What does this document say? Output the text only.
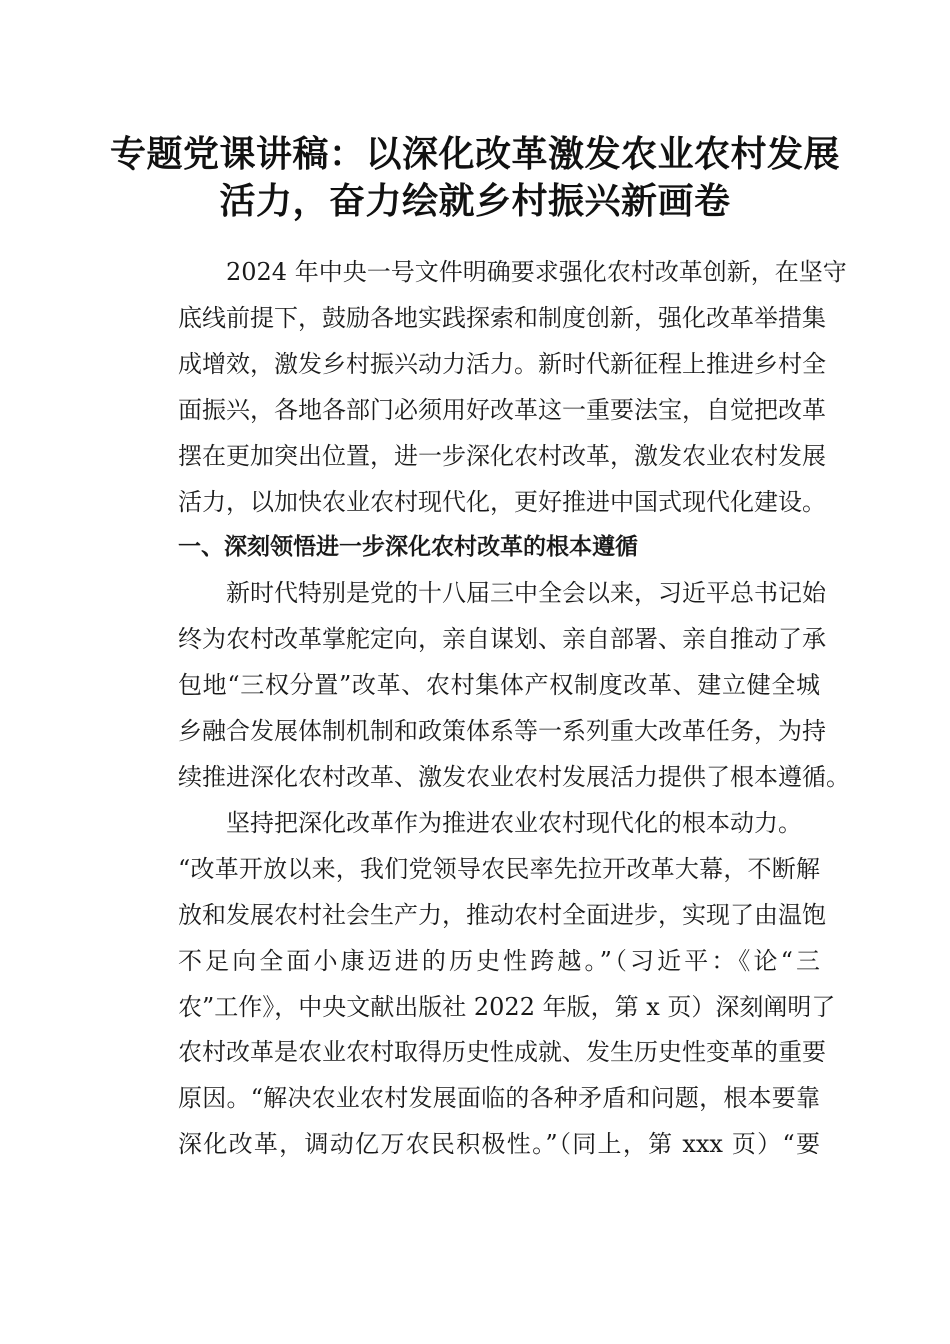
专题党课讲稿：以深化改革激发农业农村发展
活力，奋力绘就乡村振兴新画卷
2024 年中央一号文件明确要求强化农村改革创新，在坚守
底线前提下，鼓励各地实践探索和制度创新，强化改革举措集
成增效，激发乡村振兴动力活力。新时代新征程上推进乡村全
面振兴，各地各部门必须用好改革这一重要法宝，自觉把改革
摆在更加突出位置，进一步深化农村改革，激发农业农村发展
活力，以加快农业农村现代化，更好推进中国式现代化建设。
一、深刻领悟进一步深化农村改革的根本遵循
新时代特别是党的十八届三中全会以来，习近平总书记始
终为农村改革掌舵定向，亲自谋划、亲自部署、亲自推动了承
包地“三权分置”改革、农村集体产权制度改革、建立健全城
乡融合发展体制机制和政策体系等一系列重大改革任务，为持
续推进深化农村改革、激发农业农村发展活力提供了根本遵循。
坚持把深化改革作为推进农业农村现代化的根本动力。
“改革开放以来，我们党领导农民率先拉开改革大幕，不断解
放和发展农村社会生产力，推动农村全面进步，实现了由温饱
不足向全面小康迈进的历史性跨越。”（习近平：《论“三
农”工作》，中央文献出版社 2022 年版，第 x 页）深刻阐明了
农村改革是农业农村取得历史性成就、发生历史性变革的重要
原因。“解决农业农村发展面临的各种矛盾和问题，根本要靠
深化改革，调动亿万农民积极性。”（同上，第 xxx 页）“要
